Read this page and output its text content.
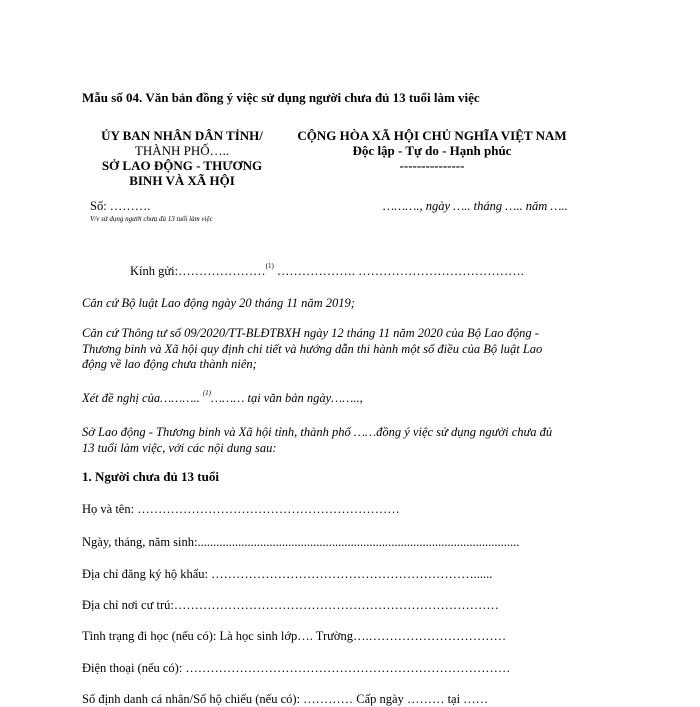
Mẫu số 04. Văn bản đồng ý việc sử dụng người chưa đủ 13 tuổi làm việc
ỦY BAN NHÂN DÂN TỈNH/
THÀNH PHỐ…..
SỞ LAO ĐỘNG - THƯƠNG
BINH VÀ XÃ HỘI
CỘNG HÒA XÃ HỘI CHỦ NGHĨA VIỆT NAM
Độc lập - Tự do - Hạnh phúc
---------------
Số: ……….
V/v sử dụng người chưa đủ 13 tuổi làm việc
………., ngày ….. tháng ….. năm …..
Kính gửi:…………………$^{(1)}$ ………………. ………………………………….
Căn cứ Bộ luật Lao động ngày 20 tháng 11 năm 2019;
Căn cứ Thông tư số 09/2020/TT-BLĐTBXH ngày 12 tháng 11 năm 2020 của Bộ Lao động -
Thương binh và Xã hội quy định chi tiết và hướng dẫn thi hành một số điều của Bộ luật Lao
động về lao động chưa thành niên;
Xét đề nghị của……….. $^{(1)}$……… tại văn bản ngày……..,
Sở Lao động - Thương binh và Xã hội tỉnh, thành phố ……đồng ý việc sử dụng người chưa đủ
13 tuổi làm việc, với các nội dung sau:
1. Người chưa đủ 13 tuổi
Họ và tên: ………………………………………………………
Ngày, tháng, năm sinh:.......................................................................................................
Địa chỉ đăng ký hộ khẩu: ………………………………………………………......
Địa chỉ nơi cư trú:……………………………………………………………………
Tình trạng đi học (nếu có): Là học sinh lớp…. Trường….……………………………
Điện thoại (nếu có): ……………………………………………………………………
Số định danh cá nhân/Số hộ chiếu (nếu có): ………… Cấp ngày ……… tại ……
